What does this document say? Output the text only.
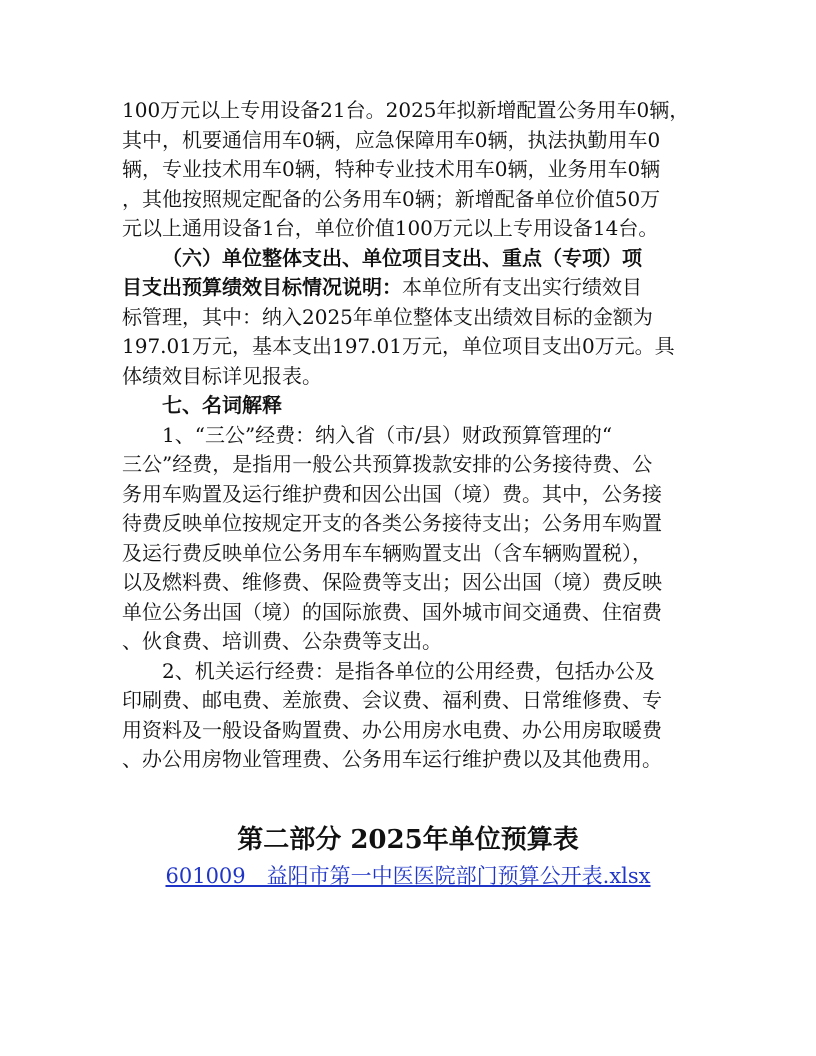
100万元以上专用设备21台。2025年拟新增配置公务用车0辆，
其中，机要通信用车0辆，应急保障用车0辆，执法执勤用车0
辆，专业技术用车0辆，特种专业技术用车0辆，业务用车0辆
，其他按照规定配备的公务用车0辆；新增配备单位价值50万
元以上通用设备1台，单位价值100万元以上专用设备14台。
（六）单位整体支出、单位项目支出、重点（专项）项
目支出预算绩效目标情况说明：本单位所有支出实行绩效目
标管理，其中：纳入2025年单位整体支出绩效目标的金额为
197.01万元，基本支出197.01万元，单位项目支出0万元。具
体绩效目标详见报表。
七、名词解释
1、“三公”经费：纳入省（市/县）财政预算管理的“
三公”经费，是指用一般公共预算拨款安排的公务接待费、公
务用车购置及运行维护费和因公出国（境）费。其中，公务接
待费反映单位按规定开支的各类公务接待支出；公务用车购置
及运行费反映单位公务用车车辆购置支出（含车辆购置税），
以及燃料费、维修费、保险费等支出；因公出国（境）费反映
单位公务出国（境）的国际旅费、国外城市间交通费、住宿费
、伙食费、培训费、公杂费等支出。
2、机关运行经费：是指各单位的公用经费，包括办公及
印刷费、邮电费、差旅费、会议费、福利费、日常维修费、专
用资料及一般设备购置费、办公用房水电费、办公用房取暖费
、办公用房物业管理费、公务用车运行维护费以及其他费用。
第二部分 2025年单位预算表
601009　益阳市第一中医医院部门预算公开表.xlsx
